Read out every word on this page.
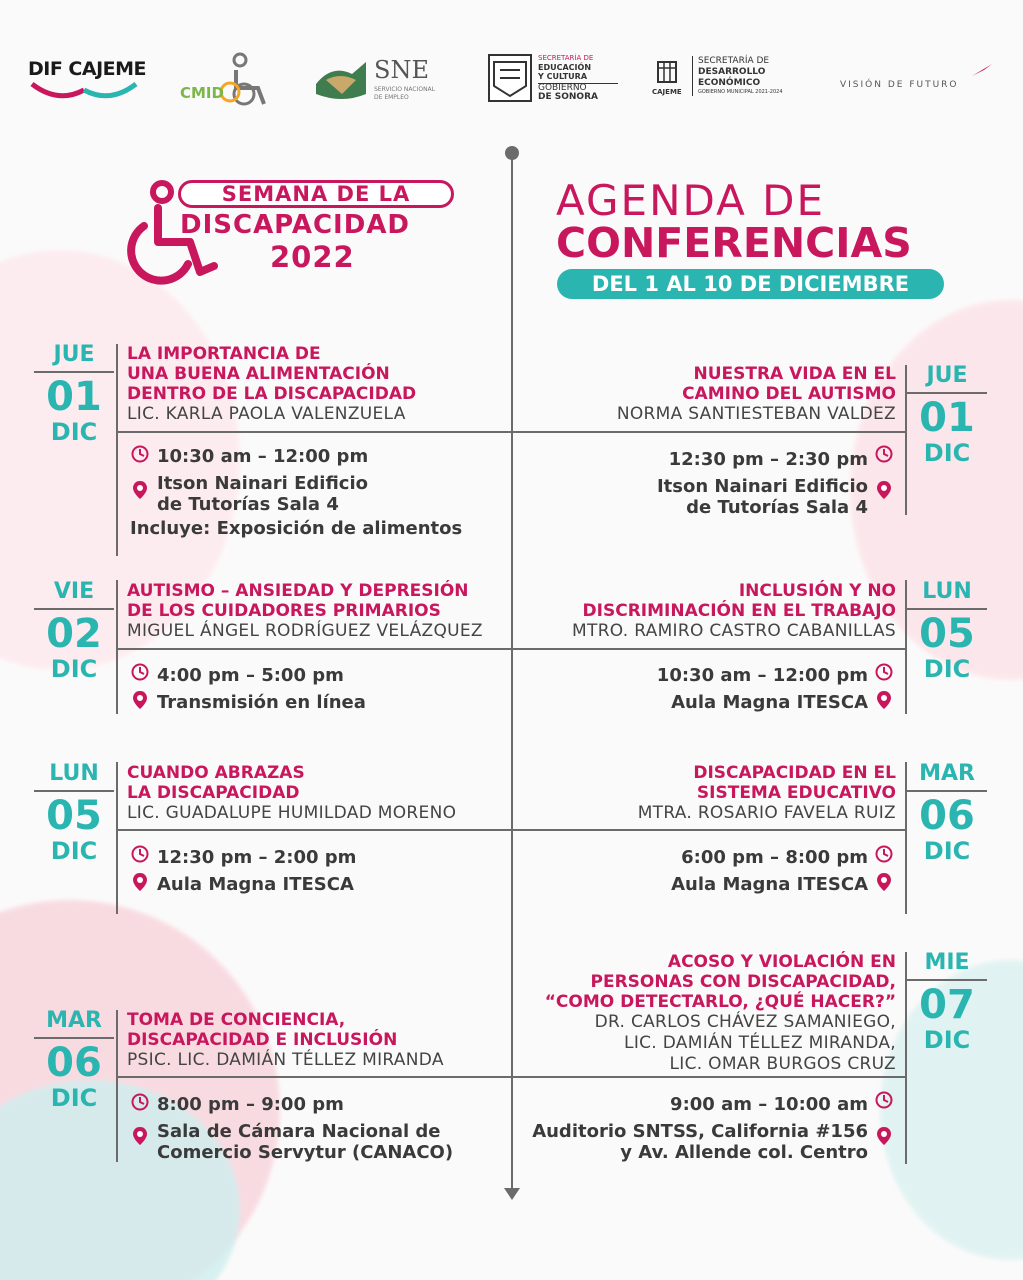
DIF CAJEME
CMID
SNE
SERVICIO NACIONAL
DE EMPLEO
SECRETARÍA DE
EDUCACIÓN
Y CULTURA
GOBIERNO
DE SONORA	CAJEME
SECRETARÍA DE
DESARROLLO
ECONÓMICO
GOBIERNO MUNICIPAL 2021-2024
VISIÓN DE FUTURO
SEMANA DE LA
DISCAPACIDAD
2022
AGENDA DE
CONFERENCIAS
DEL 1 AL 10 DE DICIEMBRE
JUE
01
DIC
LA IMPORTANCIA DE
UNA BUENA ALIMENTACIÓN
DENTRO DE LA DISCAPACIDAD
LIC. KARLA PAOLA VALENZUELA
10:30 am – 12:00 pm
Itson Nainari Edificio
de Tutorías Sala 4
Incluye: Exposición de alimentos
JUE
01
DIC
NUESTRA VIDA EN EL
CAMINO DEL AUTISMO
NORMA SANTIESTEBAN VALDEZ
12:30 pm – 2:30 pm
Itson Nainari Edificio
de Tutorías Sala 4
VIE
02
DIC
AUTISMO – ANSIEDAD Y DEPRESIÓN
DE LOS CUIDADORES PRIMARIOS
MIGUEL ÁNGEL RODRÍGUEZ VELÁZQUEZ
4:00 pm – 5:00 pm
Transmisión en línea
LUN
05
DIC
INCLUSIÓN Y NO
DISCRIMINACIÓN EN EL TRABAJO
MTRO. RAMIRO CASTRO CABANILLAS
10:30 am – 12:00 pm
Aula Magna ITESCA
LUN
05
DIC
CUANDO ABRAZAS
LA DISCAPACIDAD
LIC. GUADALUPE HUMILDAD MORENO
12:30 pm – 2:00 pm
Aula Magna ITESCA
MAR
06
DIC
DISCAPACIDAD EN EL
SISTEMA EDUCATIVO
MTRA. ROSARIO FAVELA RUIZ
6:00 pm – 8:00 pm
Aula Magna ITESCA
MAR
06
DIC
TOMA DE CONCIENCIA,
DISCAPACIDAD E INCLUSIÓN
PSIC. LIC. DAMIÁN TÉLLEZ MIRANDA
8:00 pm – 9:00 pm
Sala de Cámara Nacional de
Comercio Servytur (CANACO)
MIE
07
DIC
ACOSO Y VIOLACIÓN EN
PERSONAS CON DISCAPACIDAD,
“COMO DETECTARLO, ¿QUÉ HACER?”
DR. CARLOS CHÁVEZ SAMANIEGO,
LIC. DAMIÁN TÉLLEZ MIRANDA,
LIC. OMAR BURGOS CRUZ
9:00 am – 10:00 am
Auditorio SNTSS, California #156
y Av. Allende col. Centro
